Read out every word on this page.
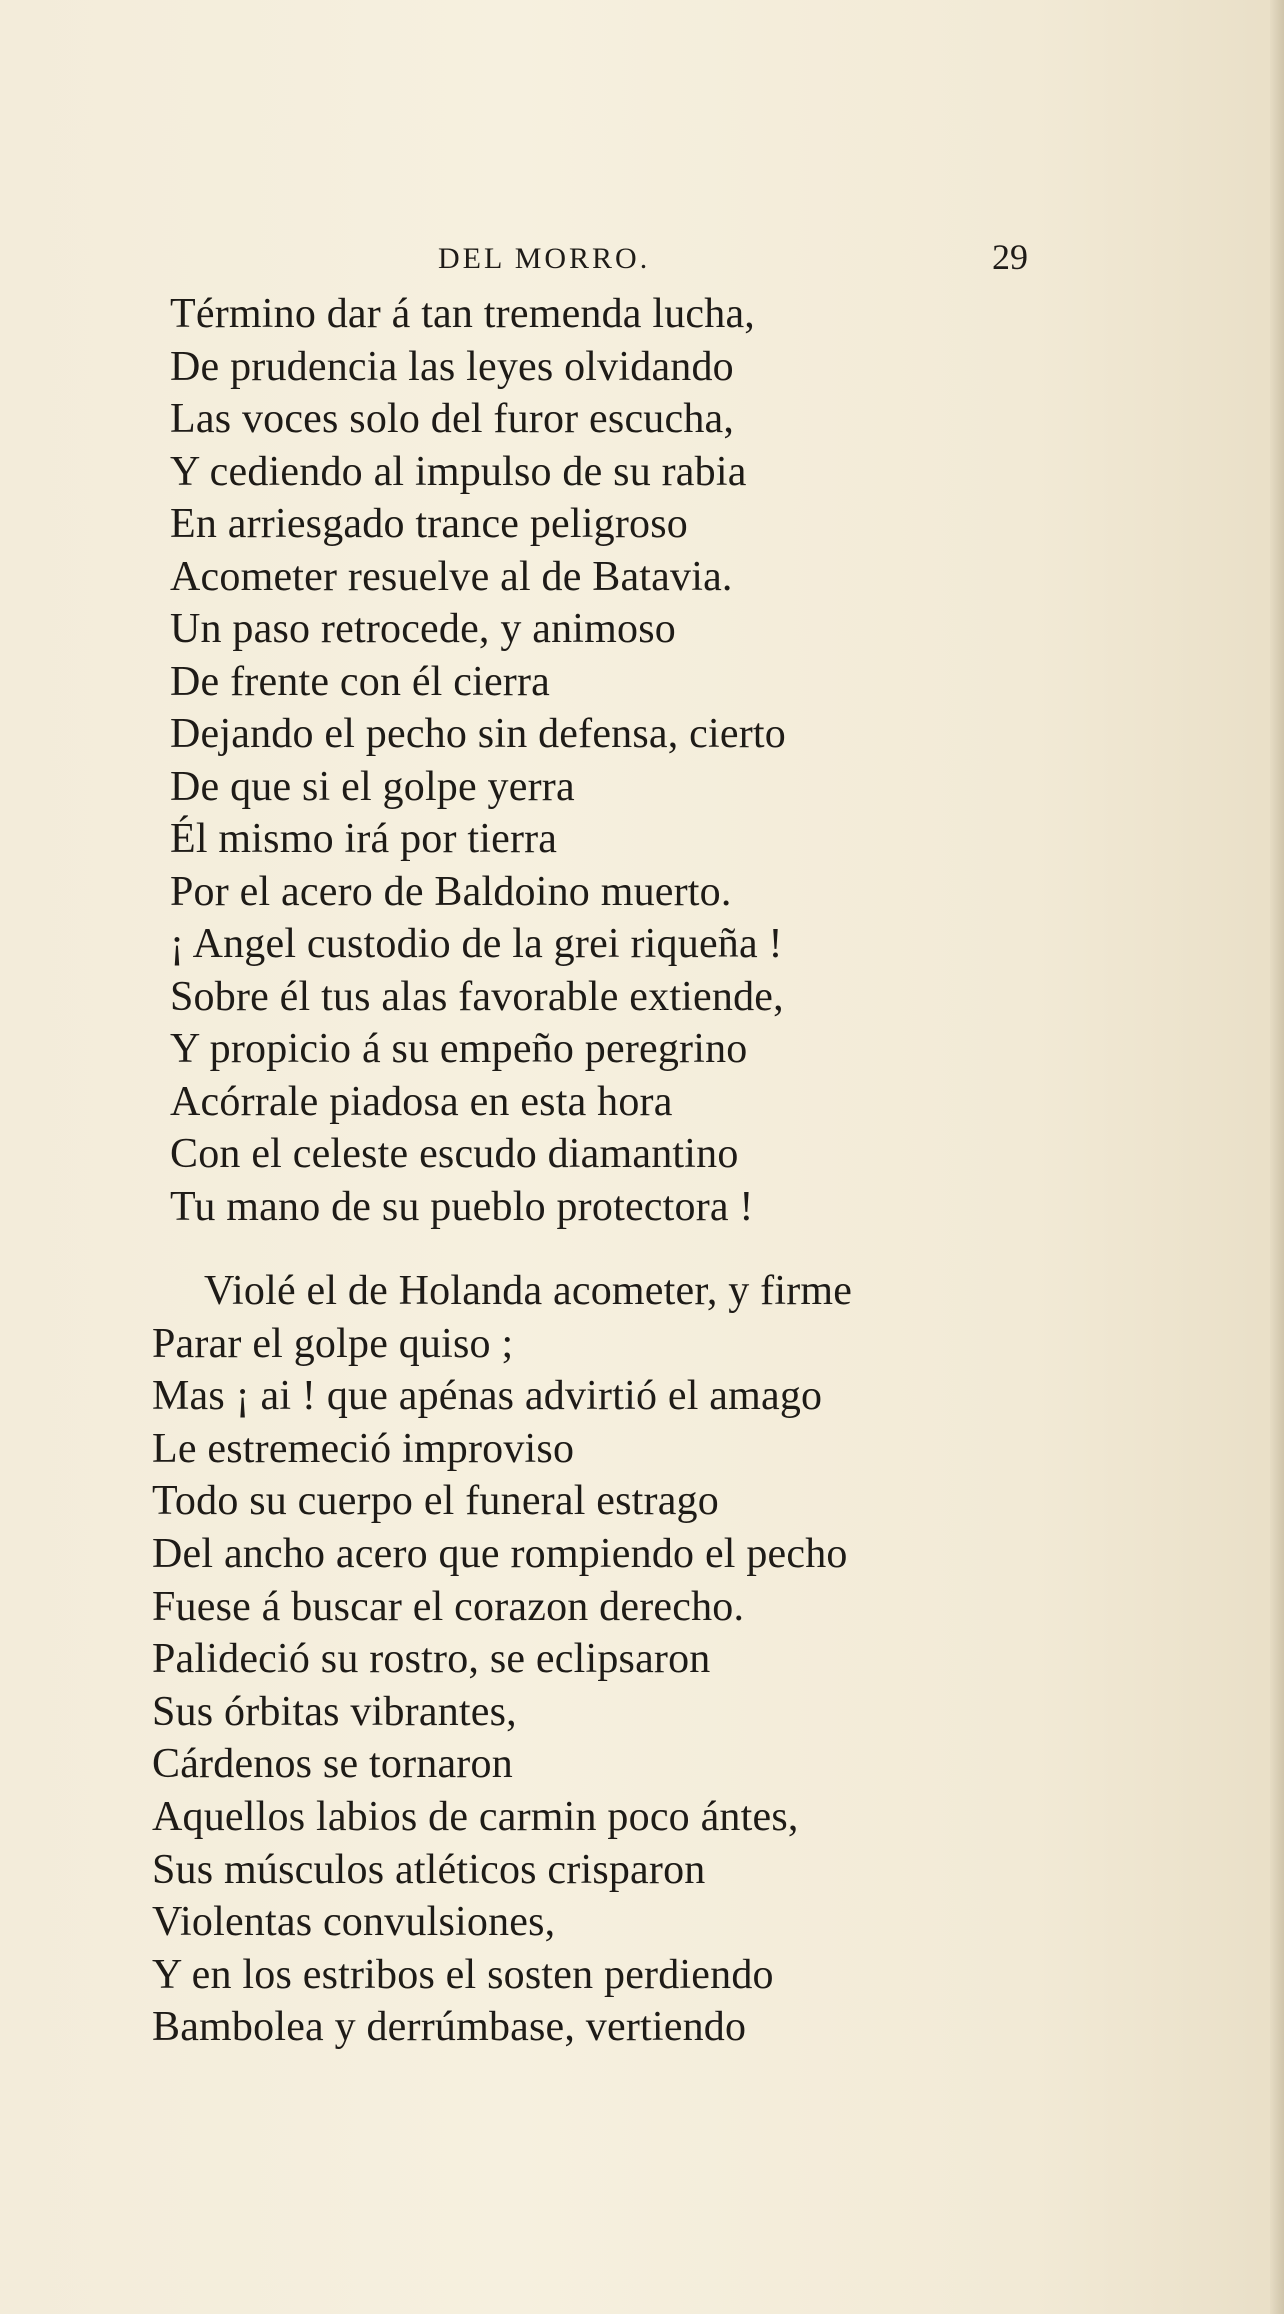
DEL MORRO.	29
Término dar á tan tremenda lucha,
De prudencia las leyes olvidando
Las voces solo del furor escucha,
Y cediendo al impulso de su rabia
En arriesgado trance peligroso
Acometer resuelve al de Batavia.
Un paso retrocede, y animoso
De frente con él cierra
Dejando el pecho sin defensa, cierto
De que si el golpe yerra
Él mismo irá por tierra
Por el acero de Baldoino muerto.
¡ Angel custodio de la grei riqueña !
Sobre él tus alas favorable extiende,
Y propicio á su empeño peregrino
Acórrale piadosa en esta hora
Con el celeste escudo diamantino
Tu mano de su pueblo protectora !
Violé el de Holanda acometer, y firme
Parar el golpe quiso ;
Mas ¡ ai ! que apénas advirtió el amago
Le estremeció improviso
Todo su cuerpo el funeral estrago
Del ancho acero que rompiendo el pecho
Fuese á buscar el corazon derecho.
Palideció su rostro, se eclipsaron
Sus órbitas vibrantes,
Cárdenos se tornaron
Aquellos labios de carmin poco ántes,
Sus músculos atléticos crisparon
Violentas convulsiones,
Y en los estribos el sosten perdiendo
Bambolea y derrúmbase, vertiendo
